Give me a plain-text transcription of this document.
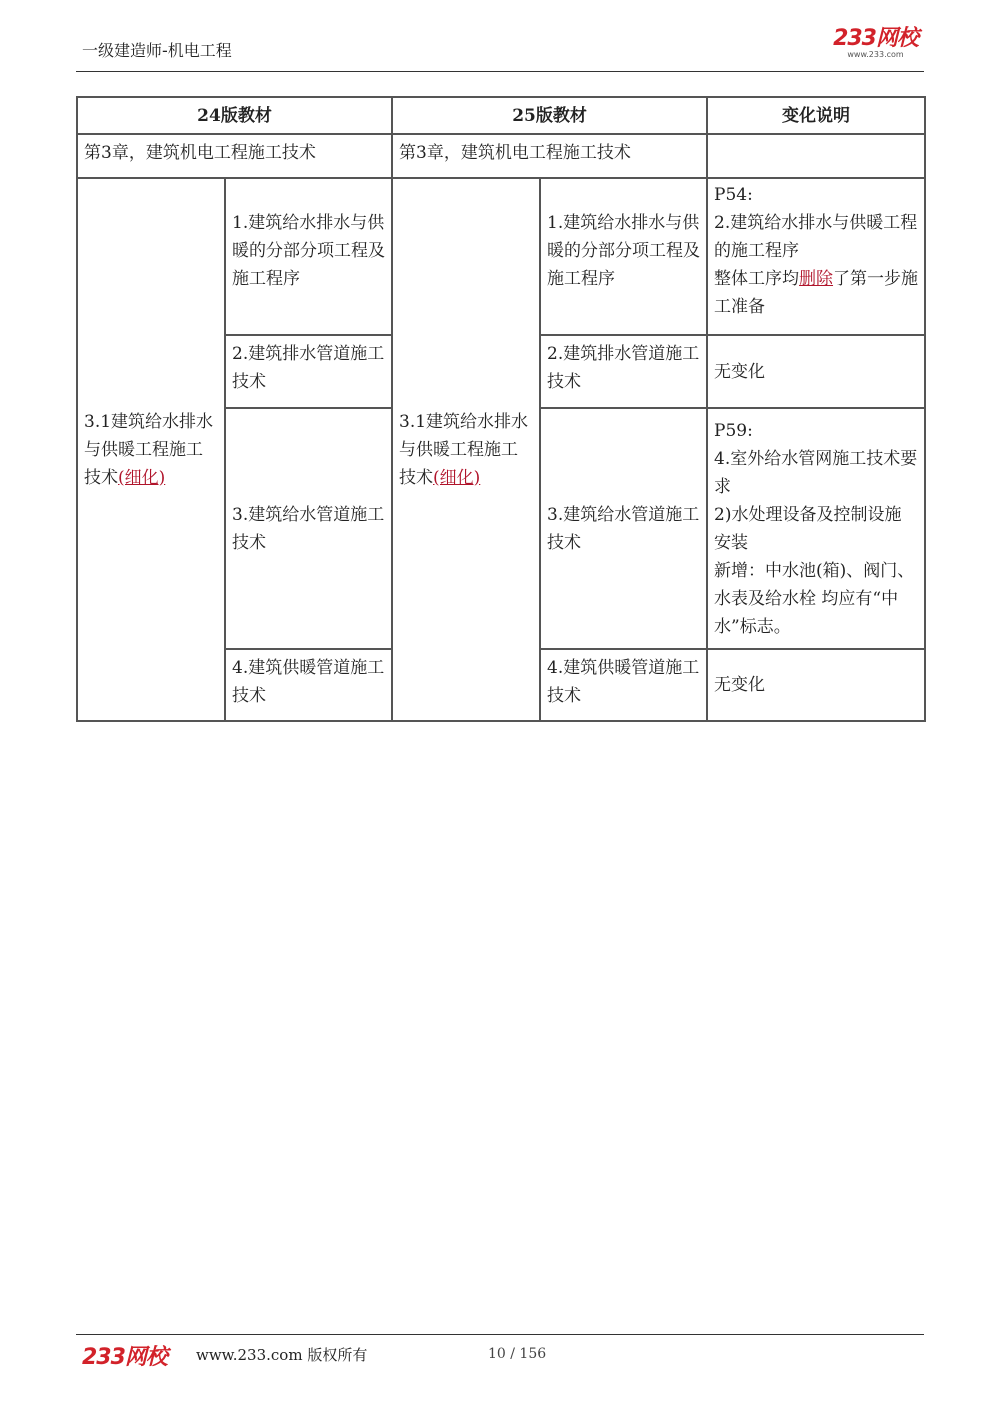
一级建造师-机电工程	233网校
www.233.com
24版教材		25版教材		变化说明
第3章，建筑机电工程施工技术		第3章，建筑机电工程施工技术		
3.1建筑给水排水与供暖工程施工技术(细化)	1.建筑给水排水与供暖的分部分项工程及施工程序	3.1建筑给水排水与供暖工程施工技术(细化)	1.建筑给水排水与供暖的分部分项工程及施工程序	P54:
2.建筑给水排水与供暖工程的施工程序
整体工序均删除了第一步施工准备

	2.建筑排水管道施工技术		2.建筑排水管道施工技术	无变化
	3.建筑给水管道施工技术		3.建筑给水管道施工技术	P59:
4.室外给水管网施工技术要求
2)水处理设备及控制设施安装
新增：中水池(箱)、阀门、水表及给水栓 均应有“中水”标志。

	4.建筑供暖管道施工技术		4.建筑供暖管道施工技术	无变化
233网校 www.233.com 版权所有	10 / 156
